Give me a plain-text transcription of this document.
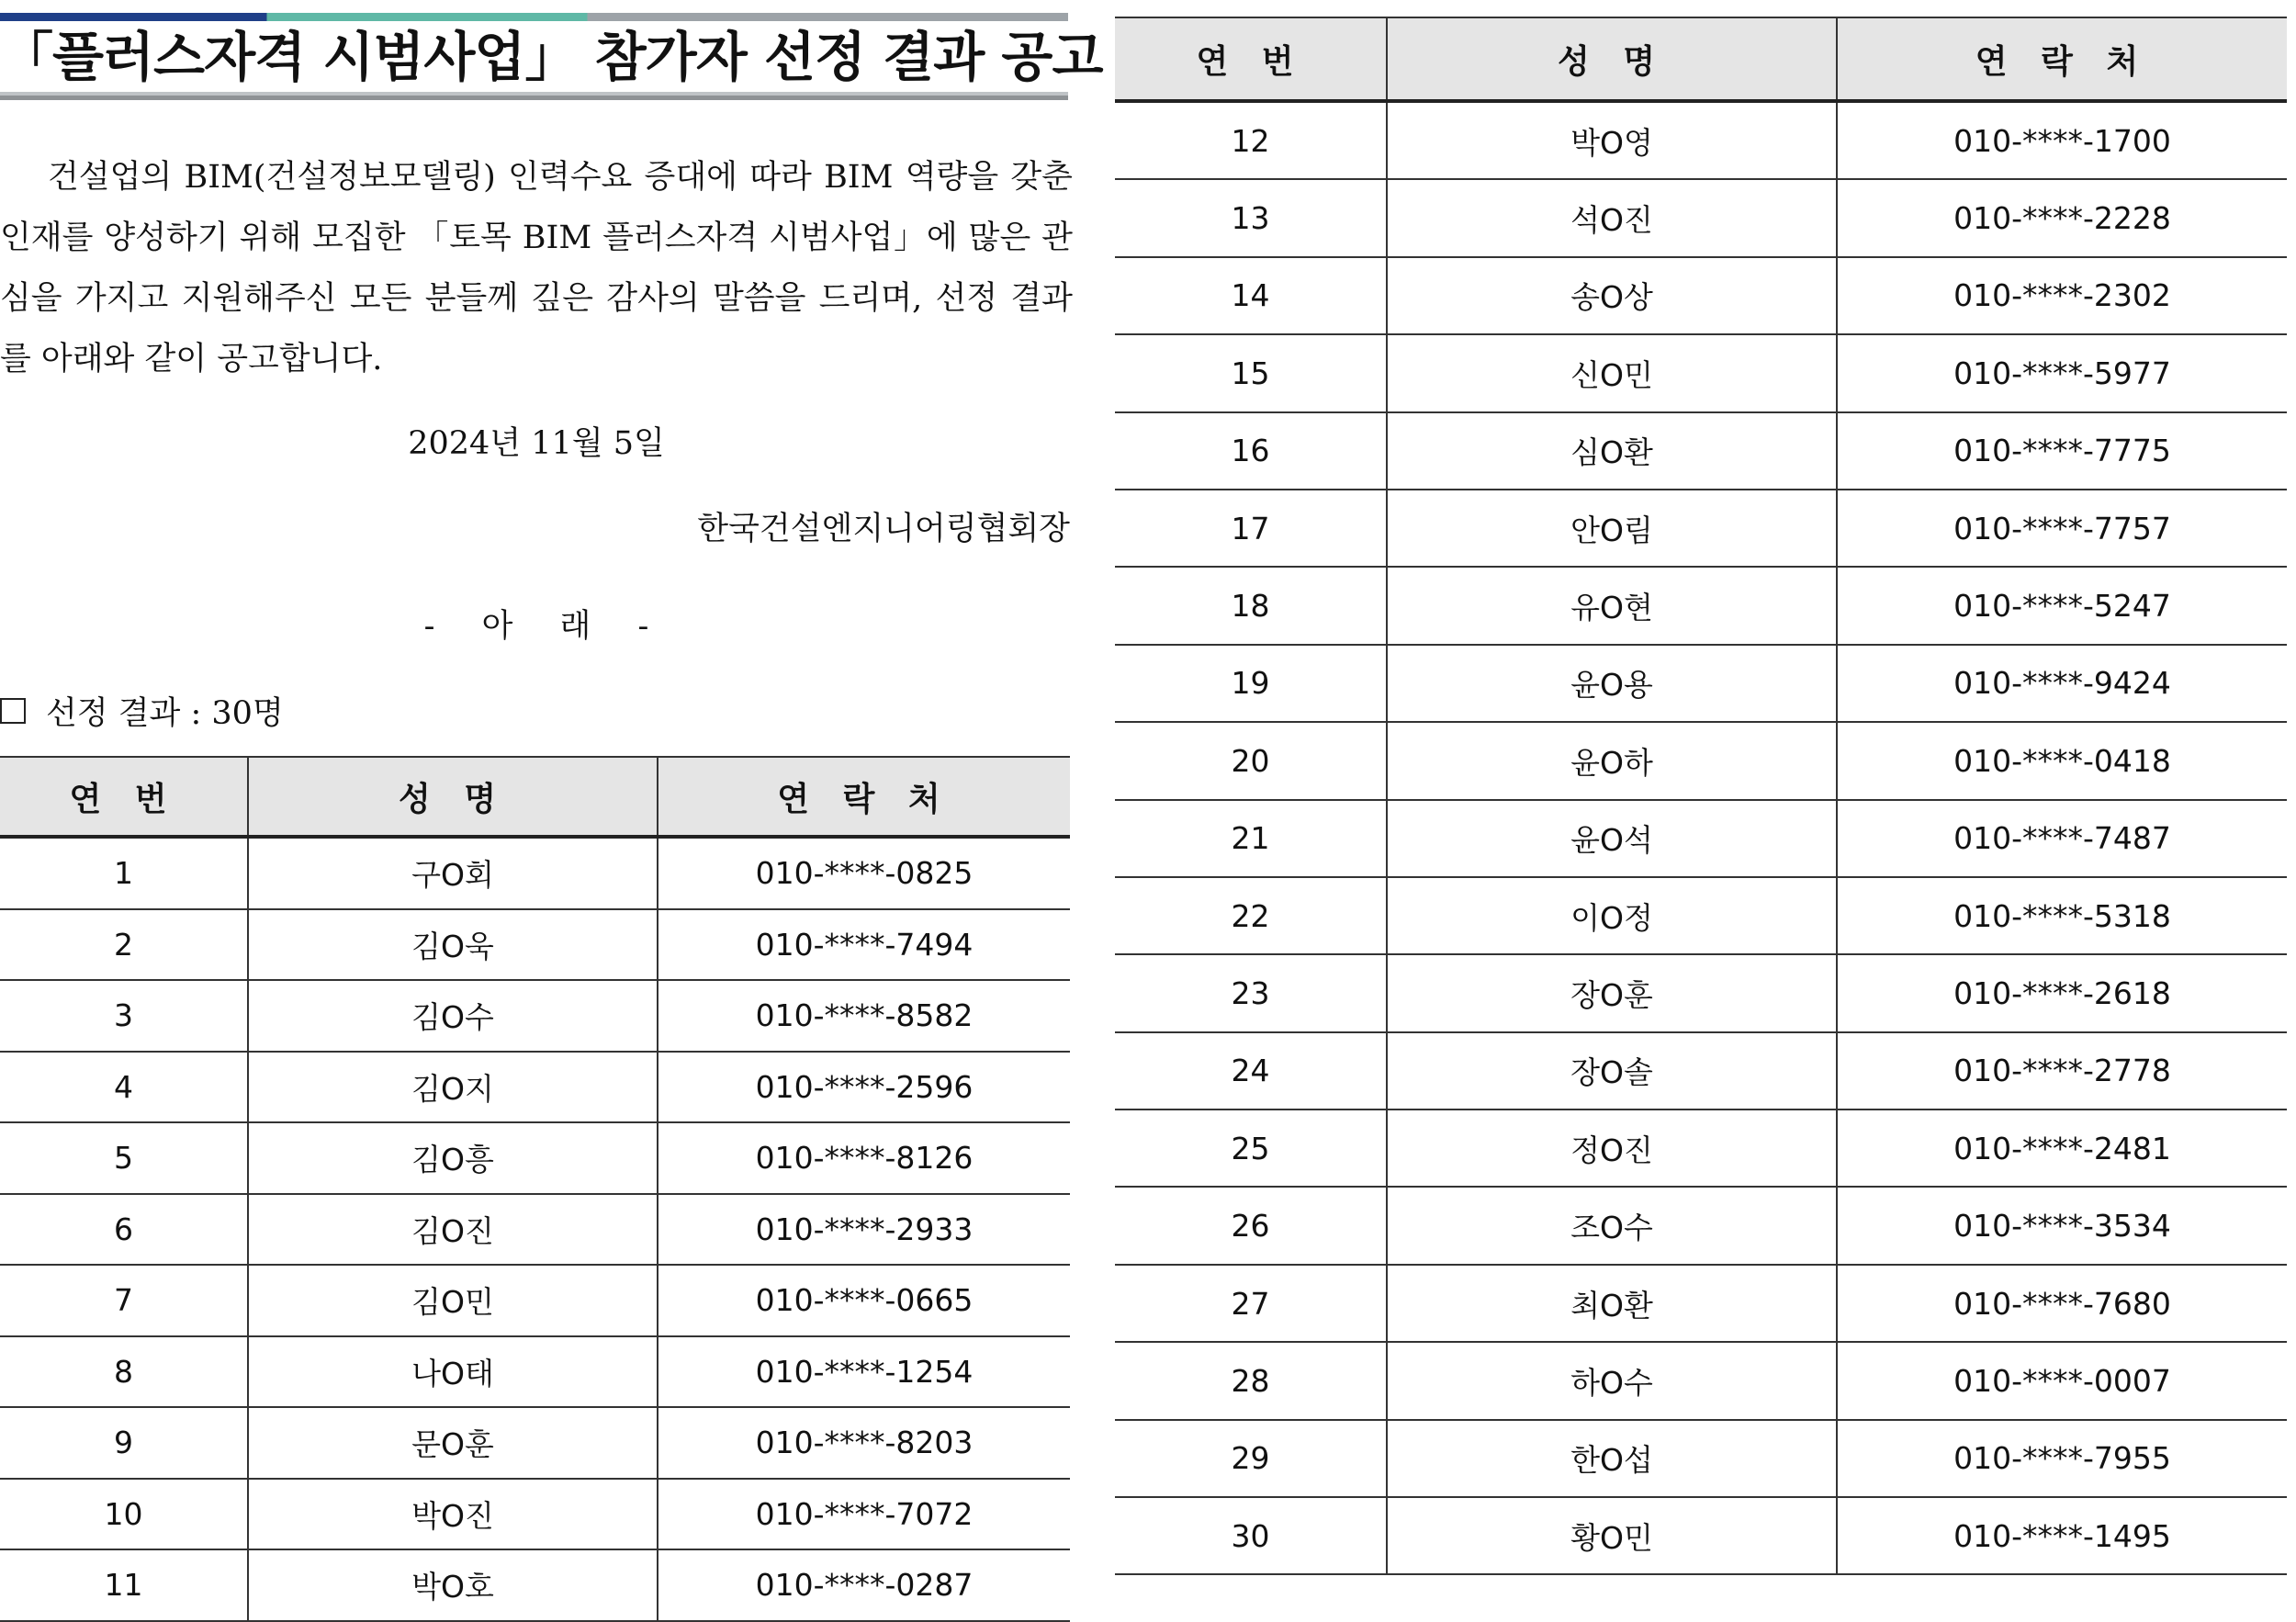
「플러스자격 시범사업」 참가자 선정 결과 공고
건설업의 BIM(건설정보모델링) 인력수요 증대에 따라 BIM 역량을 갖춘 인재를 양성하기 위해 모집한 「토목 BIM 플러스자격 시범사업」에 많은 관심을 가지고 지원해주신 모든 분들께 깊은 감사의 말씀을 드리며, 선정 결과를 아래와 같이 공고합니다.
2024년 11월 5일
한국건설엔지니어링협회장
- 아 래 -
선정 결과 : 30명
연 번	성 명	연 락 처
1	구O회	010-****-0825
2	김O욱	010-****-7494
3	김O수	010-****-8582
4	김O지	010-****-2596
5	김O흥	010-****-8126
6	김O진	010-****-2933
7	김O민	010-****-0665
8	나O태	010-****-1254
9	문O훈	010-****-8203
10	박O진	010-****-7072
11	박O호	010-****-0287
연 번	성 명	연 락 처
12	박O영	010-****-1700
13	석O진	010-****-2228
14	송O상	010-****-2302
15	신O민	010-****-5977
16	심O환	010-****-7775
17	안O림	010-****-7757
18	유O현	010-****-5247
19	윤O용	010-****-9424
20	윤O하	010-****-0418
21	윤O석	010-****-7487
22	이O정	010-****-5318
23	장O훈	010-****-2618
24	장O솔	010-****-2778
25	정O진	010-****-2481
26	조O수	010-****-3534
27	최O환	010-****-7680
28	하O수	010-****-0007
29	한O섭	010-****-7955
30	황O민	010-****-1495
